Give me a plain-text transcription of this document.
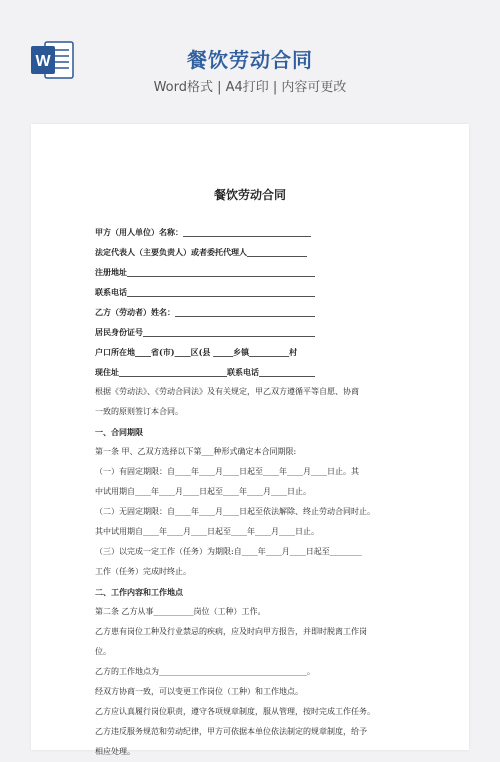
W	餐饮劳动合同
Word格式 | A4打印 | 内容可更改
餐饮劳动合同
甲方（用人单位）名称：________________________________
法定代表人（主要负责人）或者委托代理人_______________
注册地址_______________________________________________
联系电话_______________________________________________
乙方（劳动者）姓名：___________________________________
居民身份证号___________________________________________
户口所在地____省(市)____区(县 _____乡镇__________村
现住址___________________________联系电话______________
根据《劳动法》、《劳动合同法》及有关规定，甲乙双方遵循平等自愿、协商
一致的原则签订本合同。
一、合同期限
第一条 甲、乙双方选择以下第___种形式确定本合同期限:
（一）有固定期限：自____年____月____日起至____年____月____日止。其
中试用期自____年____月____日起至____年____月____日止。
（二）无固定期限：自____年____月____日起至依法解除、终止劳动合同时止。
其中试用期自____年____月____日起至____年____月____日止。
（三）以完成一定工作（任务）为期限:自____年____月____日起至________
工作（任务）完成时终止。
二、工作内容和工作地点
第二条 乙方从事__________岗位（工种）工作。
乙方患有岗位工种及行业禁忌的疾病，应及时向甲方报告，并即时脱离工作岗
位。
乙方的工作地点为_____________________________________。
经双方协商一致，可以变更工作岗位（工种）和工作地点。
乙方应认真履行岗位职责，遵守各项规章制度，服从管理，按时完成工作任务。
乙方违反服务规范和劳动纪律，甲方可依据本单位依法制定的规章制度，给予
相应处理。
